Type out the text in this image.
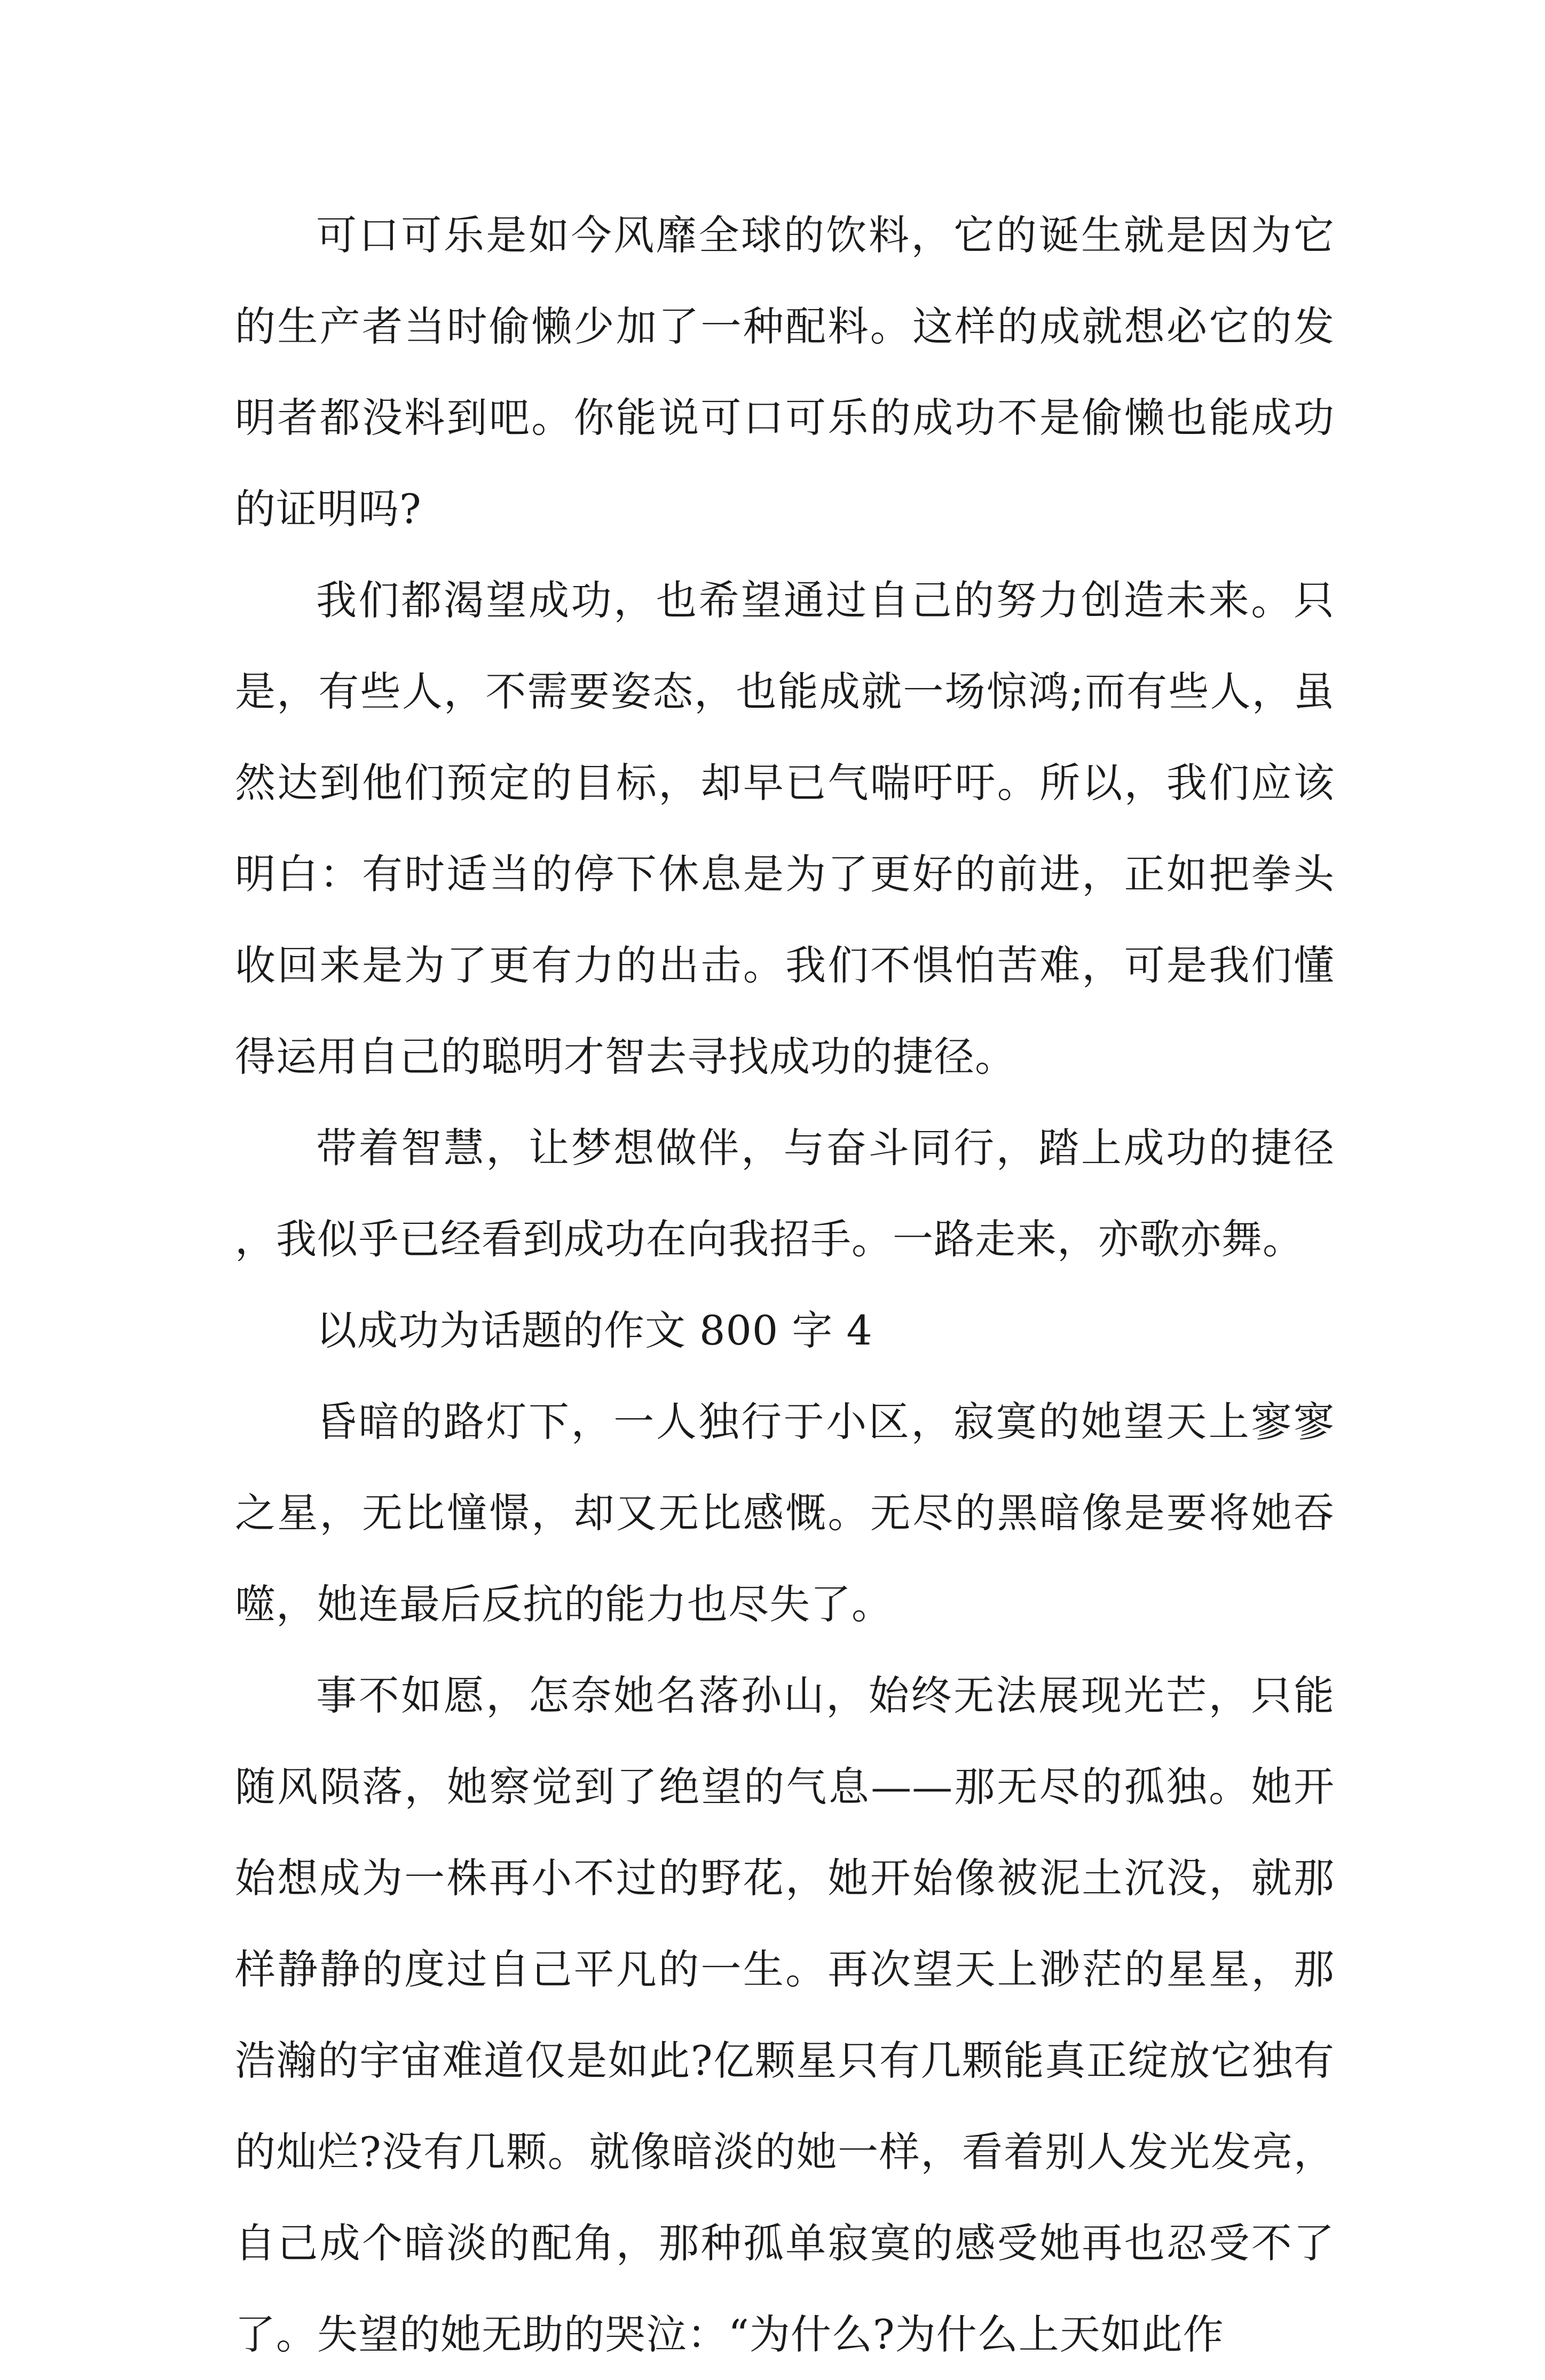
可口可乐是如今风靡全球的饮料，它的诞生就是因为它的生产者当时偷懒少加了一种配料。这样的成就想必它的发明者都没料到吧。你能说可口可乐的成功不是偷懒也能成功的证明吗?

我们都渴望成功，也希望通过自己的努力创造未来。只是，有些人，不需要姿态，也能成就一场惊鸿;而有些人，虽然达到他们预定的目标，却早已气喘吁吁。所以，我们应该明白：有时适当的停下休息是为了更好的前进，正如把拳头收回来是为了更有力的出击。我们不惧怕苦难，可是我们懂得运用自己的聪明才智去寻找成功的捷径。

带着智慧，让梦想做伴，与奋斗同行，踏上成功的捷径，我似乎已经看到成功在向我招手。一路走来，亦歌亦舞。

以成功为话题的作文 800 字 4

昏暗的路灯下，一人独行于小区，寂寞的她望天上寥寥之星，无比憧憬，却又无比感慨。无尽的黑暗像是要将她吞噬，她连最后反抗的能力也尽失了。

事不如愿，怎奈她名落孙山，始终无法展现光芒，只能随风陨落，她察觉到了绝望的气息——那无尽的孤独。她开始想成为一株再小不过的野花，她开始像被泥土沉没，就那样静静的度过自己平凡的一生。再次望天上渺茫的星星，那浩瀚的宇宙难道仅是如此?亿颗星只有几颗能真正绽放它独有的灿烂?没有几颗。就像暗淡的她一样，看着别人发光发亮，自己成个暗淡的配角，那种孤单寂寞的感受她再也忍受不了了。失望的她无助的哭泣：“为什么?为什么上天如此作
